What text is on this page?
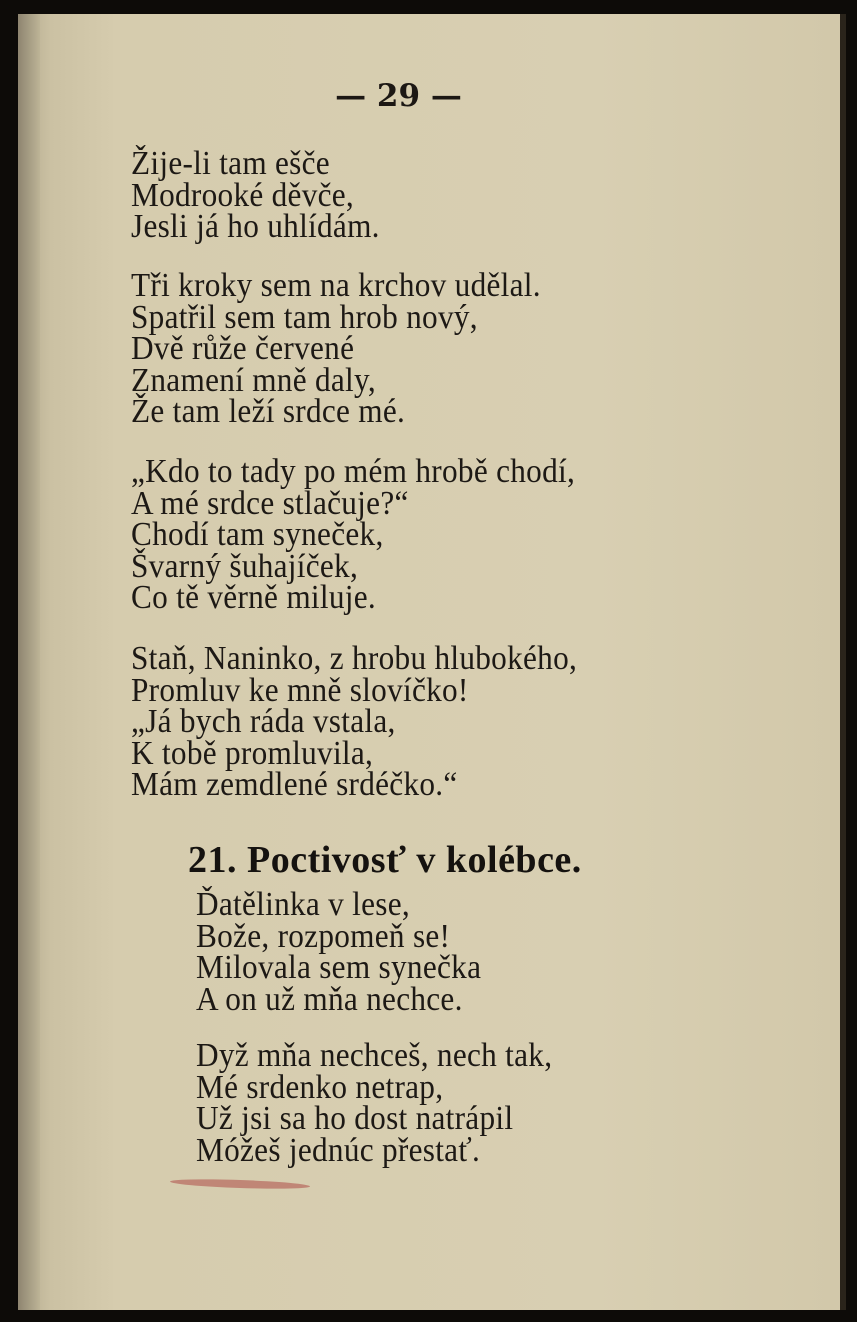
— 29 —
Žije-li tam ešče
Modrooké děvče,
Jesli já ho uhlídám.
Tři kroky sem na krchov udělal.
Spatřil sem tam hrob nový,
Dvě růže červené
Znamení mně daly,
Že tam leží srdce mé.
„Kdo to tady po mém hrobě chodí,
A mé srdce stlačuje?“
Chodí tam syneček,
Švarný šuhajíček,
Co tě věrně miluje.
Staň, Naninko, z hrobu hlubokého,
Promluv ke mně slovíčko!
„Já bych ráda vstala,
K tobě promluvila,
Mám zemdlené srdéčko.“
21. Poctivosť v kolébce.
Ďatělinka v lese,
Bože, rozpomeň se!
Milovala sem synečka
A on už mňa nechce.
Dyž mňa nechceš, nech tak,
Mé srdenko netrap,
Už jsi sa ho dost natrápil
Móžeš jednúc přestať.
